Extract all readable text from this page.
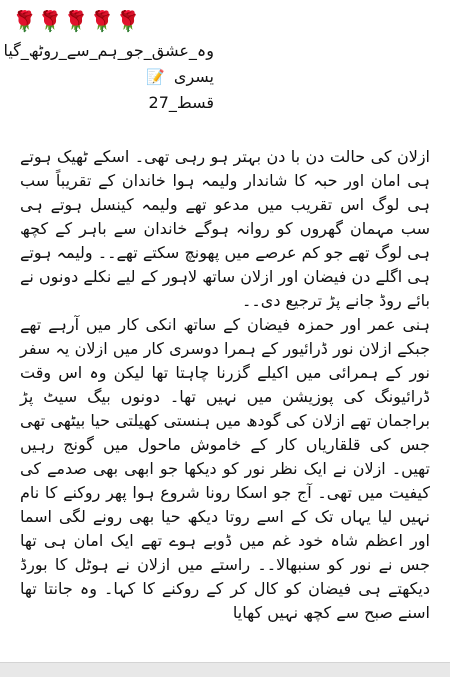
🌹🌹🌹🌹🌹
وہ_عشق_جو_ہم_سے_روٹھ_گیا
یسری 📝
قسط_27

ازلان کی حالت دن با دن بہتر ہو رہی تھی۔ اسکے ٹھیک ہوتے ہی امان اور حبہ کا شاندار ولیمہ ہوا خاندان کے تقریباً سب ہی لوگ اس تقریب میں مدعو تھے ولیمہ کینسل ہوتے ہی سب مہمان گھروں کو روانہ ہوگے خاندان سے باہر کے کچھ ہی لوگ تھے جو کم عرصے میں پھونچ سکتے تھے۔۔ ولیمہ ہوتے ہی اگلے دن فیضان اور ازلان ساتھ لاہور کے لیے نکلے دونوں نے بائے روڈ جانے پڑ ترجیع دی۔۔

ہنی عمر اور حمزہ فیضان کے ساتھ انکی کار میں آرہے تھے جبکے ازلان نور ڈرائیور کے ہمرا دوسری کار میں ازلان یہ سفر نور کے ہمرائی میں اکیلے گزرنا چاہتا تھا لیکن وہ اس وقت ڈرائیونگ کی پوزیشن میں نہیں تھا۔ دونوں بیگ سیٹ پڑ براجمان تھے ازلان کی گودھ میں ہنستی کھیلتی حیا بیٹھی تھی جس کی قلقاریاں کار کے خاموش ماحول میں گونج رہیں تھیں۔ ازلان نے ایک نظر نور کو دیکھا جو ابھی بھی صدمے کی کیفیت میں تھی۔ آج جو اسکا رونا شروع ہوا پھر روکنے کا نام نہیں لیا یہاں تک کے اسے روتا دیکھ حیا بھی رونے لگی اسما اور اعظم شاہ خود غم میں ڈوبے ہوے تھے ایک امان ہی تھا جس نے نور کو سنبھالا۔۔ راستے میں ازلان نے ہوٹل کا بورڈ دیکھتے ہی فیضان کو کال کر کے روکنے کا کہا۔ وہ جانتا تھا اسنے صبح سے کچھ نہیں کھایا
